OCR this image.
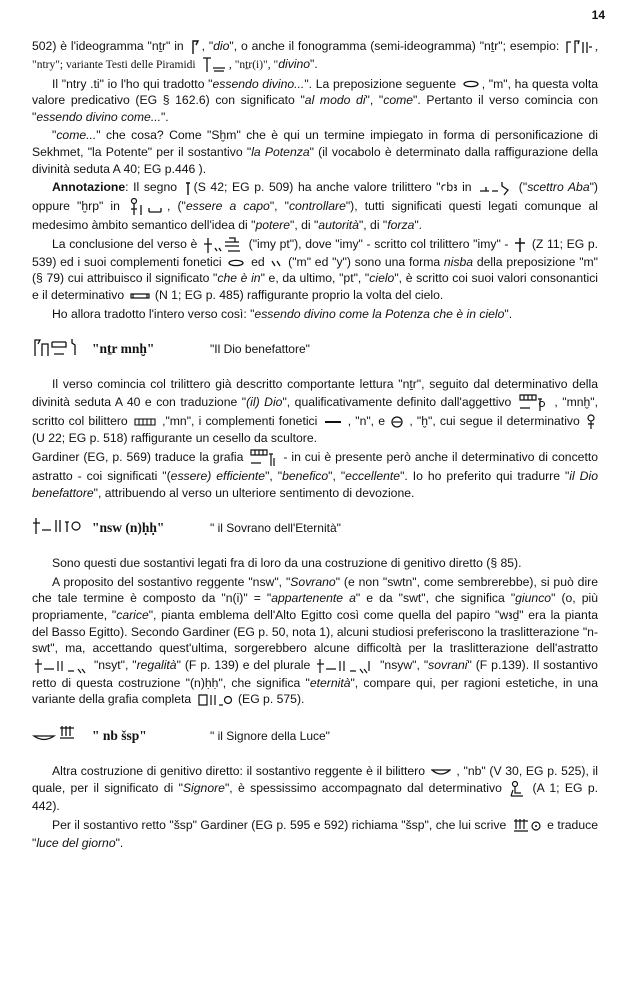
14

502) è l'ideogramma "nṯr" in , "dio", o anche il fonogramma (semi-ideogramma) "nṯr"; esempio:	, "ntry"; variante Testi delle Piramidi	, "nṯr(i)", "divino".

Il "ntry .ti" io l'ho qui tradotto "essendo divino...". La preposizione seguente , "m", ha questa volta valore predicativo (EG § 162.6) con significato "al modo di", "come". Pertanto il verso comincia con "essendo divino come...".

"come..." che cosa? Come "Sḫm" che è qui un termine impiegato in forma di personificazione di Sekhmet, "la Potente" per il sostantivo "la Potenza" (il vocabolo è determinato dalla raffigurazione della divinità seduta A 40; EG p.446 ).

Annotazione: Il segno (S 42; EG p. 509) ha anche valore trilittero "ꜥbꜣ in	("scettro Aba") oppure "ḫrp" in	, ("essere a capo", "controllare"), tutti significati questi legati comunque al medesimo àmbito semantico dell'idea di "potere", di "autorità", di "forza".

La conclusione del verso è	("imy pt"), dove "imy" - scritto col trilittero "imy" - (Z 11; EG p. 539) ed i suoi complementi fonetici ed ("m" ed "y") sono una forma nisba della preposizione "m" (§ 79) cui attribuisco il significato "che è in" e, da ultimo, "pt", "cielo", è scritto coi suoi valori consonantici e il determinativo	(N 1; EG p. 485) raffigurante proprio la volta del cielo.

Ho allora tradotto l'intero verso così: "essendo divino come la Potenza che è in cielo".

"nṯr mnḫ"	"Il Dio benefattore"

Il verso comincia col trilittero già descritto comportante lettura "nṯr", seguito dal determinativo della divinità seduta A 40 e con traduzione "(il) Dio", qualificativamente definito dall'aggettivo	, "mnḫ", scritto col bilittero	,"mn", i complementi fonetici , "n", e , "ḫ", cui segue il determinativo
(U 22; EG p. 518) raffigurante un cesello da scultore.

Gardiner (EG, p. 569) traduce la grafia	- in cui è presente però anche il determinativo di concetto astratto - coi significati "(essere) efficiente", "benefico", "eccellente". Io ho preferito qui tradurre "il Dio benefattore", attribuendo al verso un ulteriore sentimento di devozione.

"nsw (n)ḥḥ"	" il Sovrano dell'Eternità"

Sono questi due sostantivi legati fra di loro da una costruzione di genitivo diretto (§ 85).

A proposito del sostantivo reggente "nsw", "Sovrano" (e non "swtn", come sembrerebbe), si può dire che tale termine è composto da "n(i)" = "appartenente a" e da "swt", che significa "giunco" (o, più propriamente, "carice", pianta emblema dell'Alto Egitto così come quella del papiro "wꜣḏ" era la pianta del Basso Egitto). Secondo Gardiner (EG p. 50, nota 1), alcuni studiosi preferiscono la traslitterazione "n-swt", ma, accettando quest'ultima, sorgerebbero alcune difficoltà per la traslitterazione dell'astratto
"nsyt", "regalità" (F p. 139) e del plurale	"nsyw", "sovrani" (F p.139). Il sostantivo retto di questa costruzione "(n)ḥḥ", che significa "eternità", compare qui, per ragioni estetiche, in una variante della grafia completa	(EG p. 575).

" nb šsp"	" il Signore della Luce"

Altra costruzione di genitivo diretto: il sostantivo reggente è il bilittero	, "nb" (V 30, EG p. 525), il quale, per il significato di "Signore", è spessissimo accompagnato dal determinativo	(A 1; EG p. 442).

Per il sostantivo retto "šsp" Gardiner (EG p. 595 e 592) richiama "šsp", che lui scrive	e traduce "luce del giorno".
